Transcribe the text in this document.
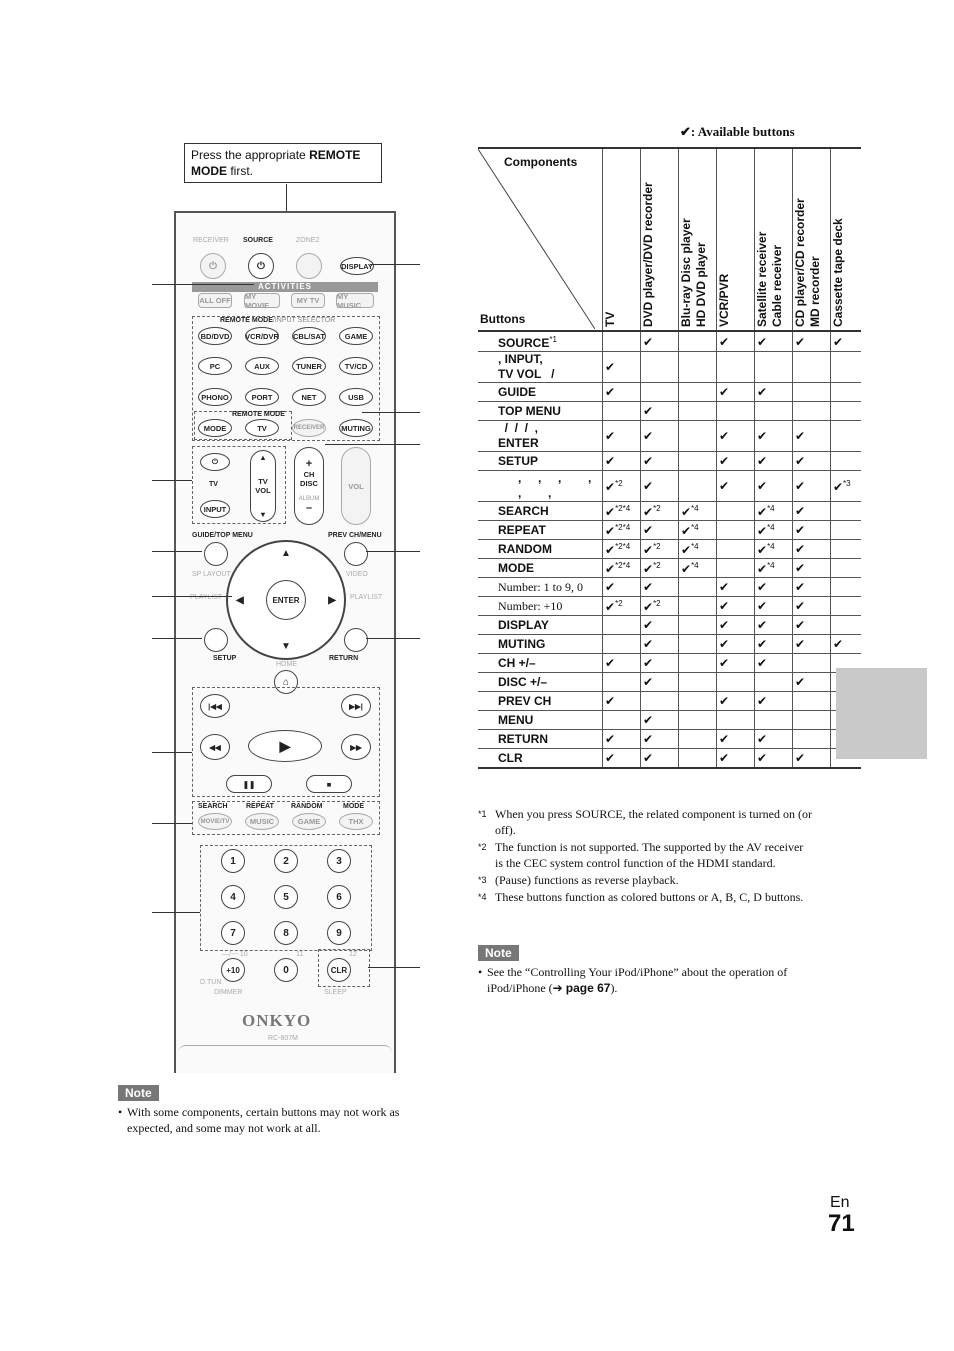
Press the appropriate REMOTE MODE first.
RECEIVER SOURCE	ZONE2
⏻	⏻	DISPLAY
ACTIVITIES
ALL OFF MY MOVIE	MY TV	MY MUSIC
REMOTE MODE/INPUT SELECTOR
BD/DVD	VCR/DVR CBL/SAT	GAME
PC	AUX	TUNER	TV/CD
PHONO	PORT	NET	USB
REMOTE MODE
MODE	TV	RECEIVER MUTING
⏻
TV
INPUT
▲
TV
VOL
▼
+
CH
DISC
ALBUM
–
VOL
GUIDE/TOP MENU	PREV CH/MENU
SP LAYOUT	VIDEO
PLAYLIST	PLAYLIST
▲
▼
◀	▶
ENTER
SETUP	RETURN
HOME
⌂
|◀◀	▶▶|
◀◀	▶	▶▶
❚❚	■
SEARCH	REPEAT RANDOM	MODE
MOVIE/TV	MUSIC	GAME	THX
1	2	3
4	5	6
7	8	9
—/--- 10	11	12
+10	0	CLR
D.TUN
DIMMER	SLEEP
ONKYO
RC-807M
Note
• With some components, certain buttons may not work as expected, and some may not work at all.
✔: Available buttons
Components
Buttons		TV	DVD player/DVD recorder	Blu-ray Disc player
HD DVD player	VCR/PVR	Satellite receiver
Cable receiver	CD player/CD recorder
MD recorder	Cassette tape deck
	SOURCE$^{*1}$		✔		✔	✔	✔	✔
	, INPUT,
TV VOL   /	✔						
	GUIDE	✔			✔	✔		
	TOP MENU		✔					
	/  /  /  ,
ENTER	✔	✔		✔	✔	✔	
	SETUP	✔	✔		✔	✔	✔	
	,     ,     ,        ,
,        ,	✔$^{*2}$	✔		✔	✔	✔	✔$^{*3}$
	SEARCH	✔$^{*2*4}$	✔$^{*2}$	✔$^{*4}$		✔$^{*4}$	✔	
	REPEAT	✔$^{*2*4}$	✔	✔$^{*4}$		✔$^{*4}$	✔	
	RANDOM	✔$^{*2*4}$	✔$^{*2}$	✔$^{*4}$		✔$^{*4}$	✔	
	MODE	✔$^{*2*4}$	✔$^{*2}$	✔$^{*4}$		✔$^{*4}$	✔	
	Number: 1 to 9, 0	✔	✔		✔	✔	✔	
	Number: +10	✔$^{*2}$	✔$^{*2}$		✔	✔	✔	
	DISPLAY		✔		✔	✔	✔	
	MUTING		✔		✔	✔	✔	✔
	CH +/–	✔	✔		✔	✔		
	DISC +/–		✔				✔	
	PREV CH	✔			✔	✔		
	MENU		✔					
	RETURN	✔	✔		✔	✔		
	CLR	✔	✔		✔	✔	✔	
*1 When you press SOURCE, the related component is turned on (or off).
*2 The function is not supported. The supported by the AV receiver is the CEC system control function of the HDMI standard.
*3 (Pause) functions as reverse playback.
*4 These buttons function as colored buttons or A, B, C, D buttons.
Note
• See the “Controlling Your iPod/iPhone” about the operation of iPod/iPhone (➔ page 67).
En
71
